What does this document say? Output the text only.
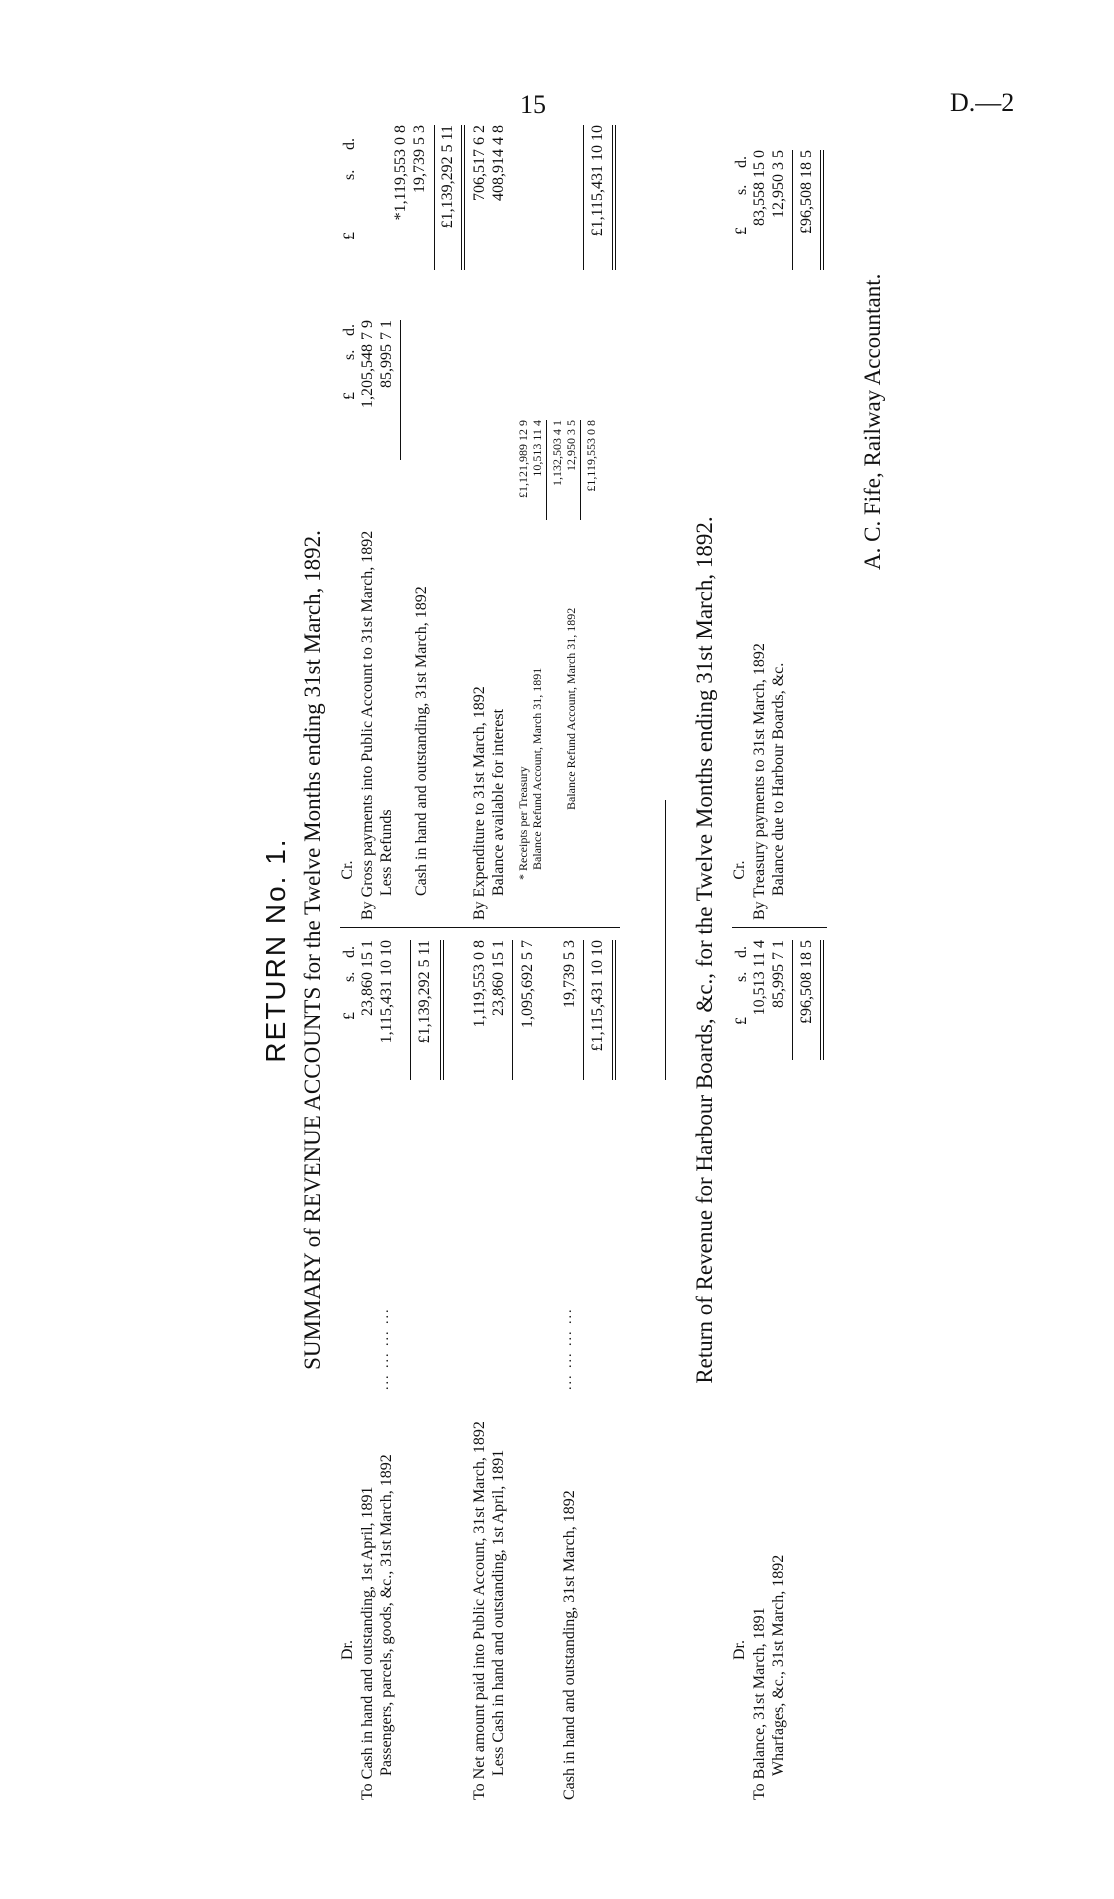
15	D.—2
RETURN No. 1. SUMMARY of REVENUE ACCOUNTS for the Twelve Months ending 31st March, 1892.
Dr.
£
s.
d.
To Cash in hand and outstanding, 1st April, 1891
23,860 15 1
Passengers, parcels, goods, &c., 31st March, 1892
... ... ... ...
1,115,431 10 10 £1,139,292 5 11
To Net amount paid into Public Account, 31st March, 1892
1,119,553 0 8
Less Cash in hand and outstanding, 1st April, 1891
23,860 15 1 1,095,692 5 7
Cash in hand and outstanding, 31st March, 1892
... ... ... ...
19,739 5 3 £1,115,431 10 10
Cr.
£
s.
d.
£
s.
d.
By Gross payments into Public Account to 31st March, 1892
1,205,548 7 9
Less Refunds
85,995 7 1
*1,119,553 0 8
Cash in hand and outstanding, 31st March, 1892
19,739 5 3 £1,139,292 5 11
By Expenditure to 31st March, 1892
706,517 6 2
Balance available for interest
408,914 4 8
* Receipts per Treasury
£1,121,989 12 9
Balance Refund Account, March 31, 1891
10,513 11 4 1,132,503 4 1
Balance Refund Account, March 31, 1892
12,950 3 5 £1,119,553 0 8
£1,115,431 10 10
Return of Revenue for Harbour Boards, &c., for the Twelve Months ending 31st March, 1892.
Dr.
£
s.
d.
To Balance, 31st March, 1891
10,513 11 4
Wharfages, &c., 31st March, 1892
85,995 7 1 £96,508 18 5
Cr.
£
s.
d.
By Treasury payments to 31st March, 1892
83,558 15 0
Balance due to Harbour Boards, &c.
12,950 3 5 £96,508 18 5
A. C. Fife, Railway Accountant.
